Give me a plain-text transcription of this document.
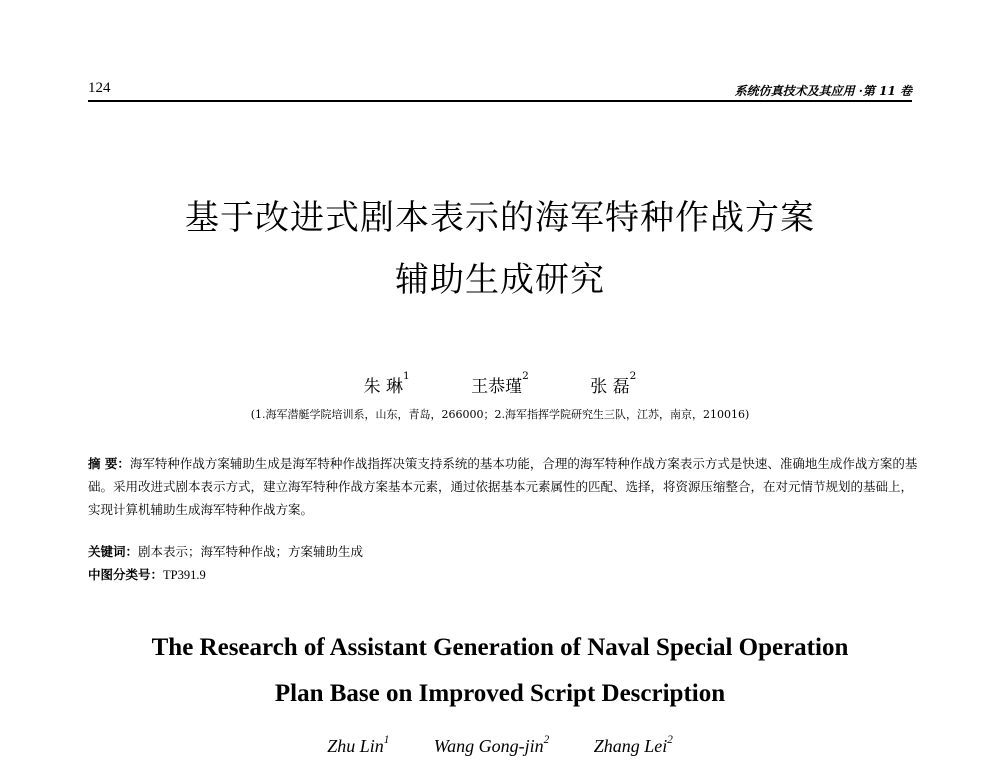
124	系统仿真技术及其应用 ·第 11 卷
基于改进式剧本表示的海军特种作战方案
辅助生成研究
朱 琳$^1$ 王恭瑾$^2$ 张 磊$^2$
(1.海军潜艇学院培训系，山东，青岛，266000；2.海军指挥学院研究生三队，江苏，南京，210016)
摘 要：海军特种作战方案辅助生成是海军特种作战指挥决策支持系统的基本功能，合理的海军特种作战方案表示方式是快速、准确地生成作战方案的基础。采用改进式剧本表示方式，建立海军特种作战方案基本元素，通过依据基本元素属性的匹配、选择，将资源压缩整合，在对元情节规划的基础上，实现计算机辅助生成海军特种作战方案。
关键词：剧本表示；海军特种作战；方案辅助生成
中图分类号：TP391.9
The Research of Assistant Generation of Naval Special Operation
Plan Base on Improved Script Description
Zhu Lin$^1$ Wang Gong-jin$^2$ Zhang Lei$^2$
